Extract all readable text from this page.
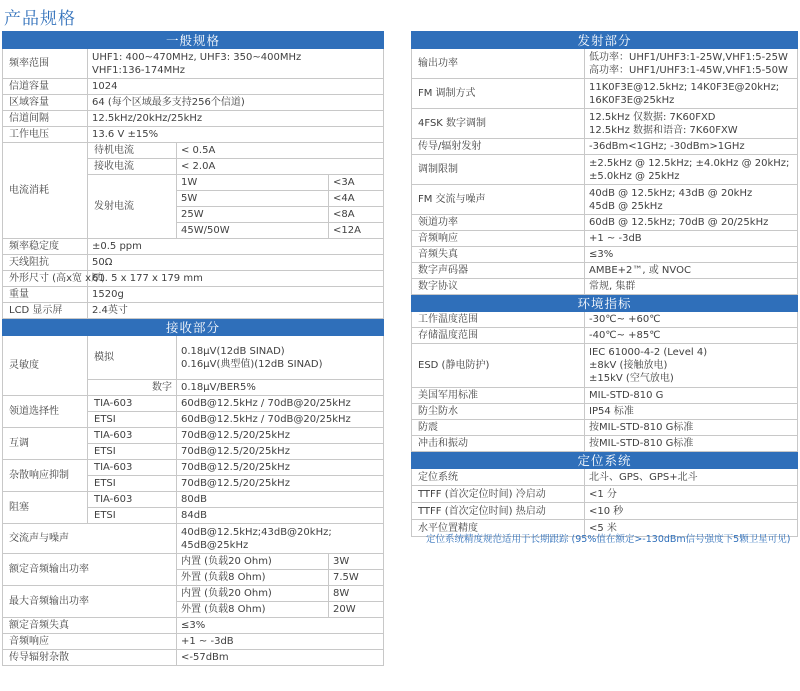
产品规格
一般规格			
频率范围	UHF1: 400~470MHz, UHF3: 350~400MHz
VHF1:136-174MHz		

信道容量	1024		
区域容量	64 (每个区域最多支持256个信道)		
信道间隔	12.5kHz/20kHz/25kHz		
工作电压	13.6 V ±15%		
电流消耗	待机电流	< 0.5A	
	接收电流	< 2.0A	
	发射电流	1W	<3A
		5W	<4A
		25W	<8A
		45W/50W	<12A
频率稳定度	±0.5 ppm		
天线阻抗	50Ω		
外形尺寸 (高x宽 x厚)	61. 5 x 177 x 179 mm		
重量	1520g		
LCD 显示屏	2.4英寸		
接收部分			
灵敏度	模拟	0.18μV(12dB SINAD)
0.16μV(典型值)(12dB SINAD)	

	数字	0.18μV/BER5%	
领道选择性	TIA-603	60dB@12.5kHz / 70dB@20/25kHz	
	ETSI	60dB@12.5kHz / 70dB@20/25kHz	
互调	TIA-603	70dB@12.5/20/25kHz	
	ETSI	70dB@12.5/20/25kHz	
杂散响应抑制	TIA-603	70dB@12.5/20/25kHz	
	ETSI	70dB@12.5/20/25kHz	
阻塞	TIA-603	80dB	
	ETSI	84dB	
交流声与噪声		40dB@12.5kHz;43dB@20kHz;
45dB@25kHz	

额定音频输出功率		内置 (负载20 Ohm)	3W
		外置 (负载8 Ohm)	7.5W
最大音频输出功率		内置 (负载20 Ohm)	8W
		外置 (负载8 Ohm)	20W
额定音频失真		≤3%	
音频响应		+1 ~ -3dB	
传导辐射杂散		<-57dBm	
发射部分	
输出功率	低功率：UHF1/UHF3:1-25W,VHF1:5-25W
高功率：UHF1/UHF3:1-45W,VHF1:5-50W

FM 调制方式	11K0F3E@12.5kHz; 14K0F3E@20kHz;
16K0F3E@25kHz

4FSK 数字调制	12.5kHz 仅数据: 7K60FXD
12.5kHz 数据和语音: 7K60FXW

传导/辐射发射	-36dBm<1GHz; -30dBm>1GHz
调制限制	±2.5kHz @ 12.5kHz; ±4.0kHz @ 20kHz;
±5.0kHz @ 25kHz

FM 交流与噪声	40dB @ 12.5kHz; 43dB @ 20kHz
45dB @ 25kHz

领道功率	60dB @ 12.5kHz; 70dB @ 20/25kHz
音频响应	+1 ~ -3dB
音频失真	≤3%
数字声码器	AMBE+2™, 或 NVOC
数字协议	常规, 集群
环境指标	
工作温度范围	-30℃~ +60℃
存储温度范围	-40℃~ +85℃
ESD (静电防护)	IEC 61000-4-2 (Level 4)
±8kV (接触放电)
±15kV (空气放电)

美国军用标准	MIL-STD-810 G
防尘防水	IP54 标准
防震	按MIL-STD-810 G标准
冲击和振动	按MIL-STD-810 G标准
定位系统	
定位系统	北斗、GPS、GPS+北斗
TTFF (首次定位时间) 冷启动	<1 分
TTFF (首次定位时间) 热启动	<10 秒
水平位置精度	<5 米
定位系统精度规范适用于长期跟踪 (95%值在额定>-130dBm信号强度下5颗卫星可见)
